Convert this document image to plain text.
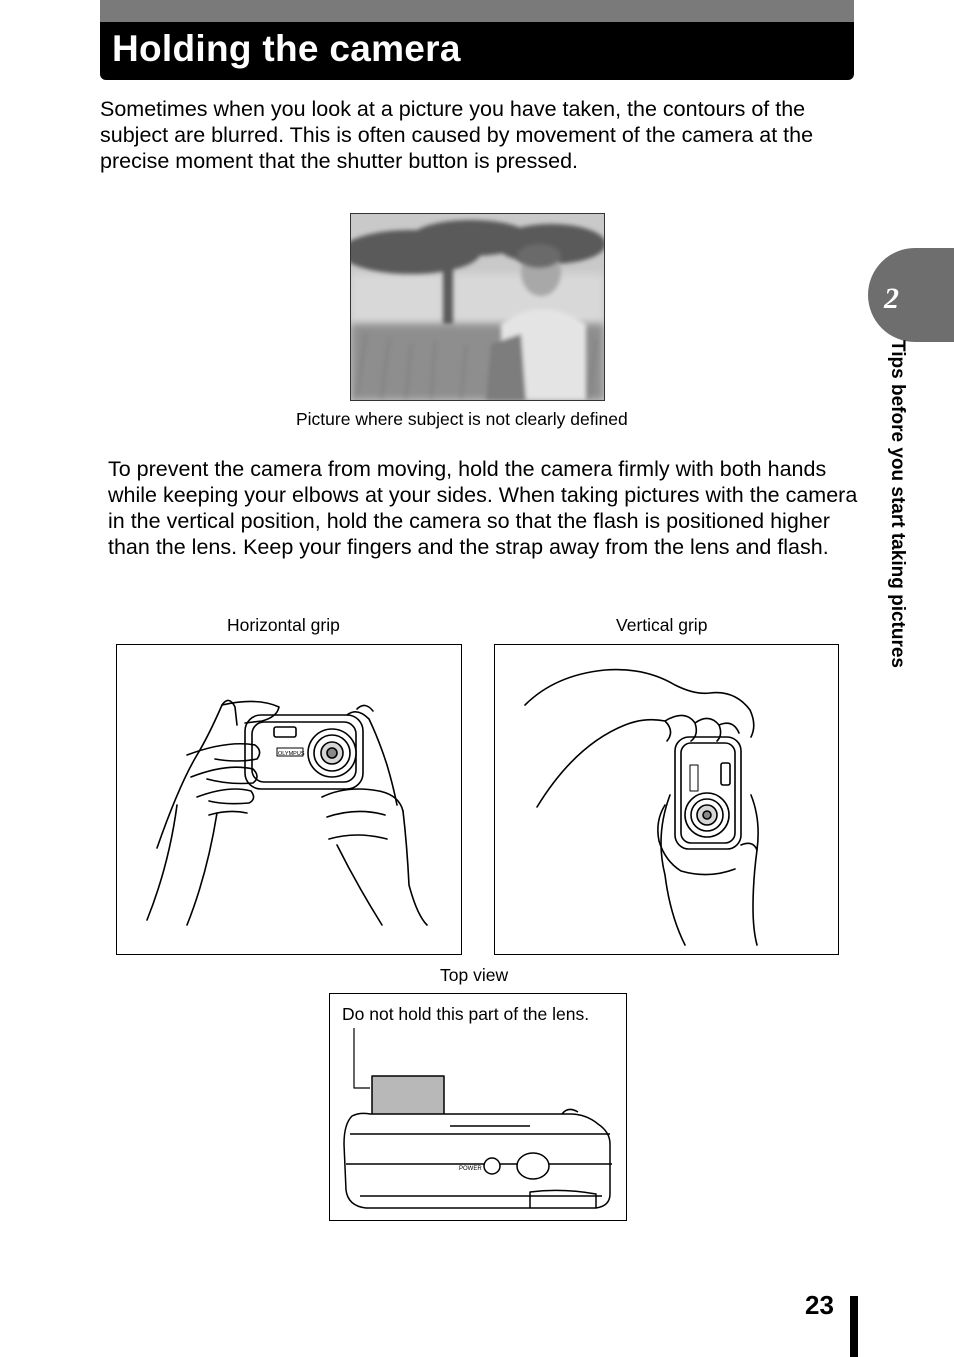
Holding the camera

Sometimes when you look at a picture you have taken, the contours of the subject are blurred. This is often caused by movement of the camera at the precise moment that the shutter button is pressed.

Picture where subject is not clearly defined

To prevent the camera from moving, hold the camera firmly with both hands while keeping your elbows at your sides. When taking pictures with the camera in the vertical position, hold the camera so that the flash is positioned higher than the lens. Keep your fingers and the strap away from the lens and flash.

Horizontal grip	Vertical grip
OLYMPUS
Top view
Do not hold this part of the lens.
POWER
2
Tips before you start taking pictures
23
